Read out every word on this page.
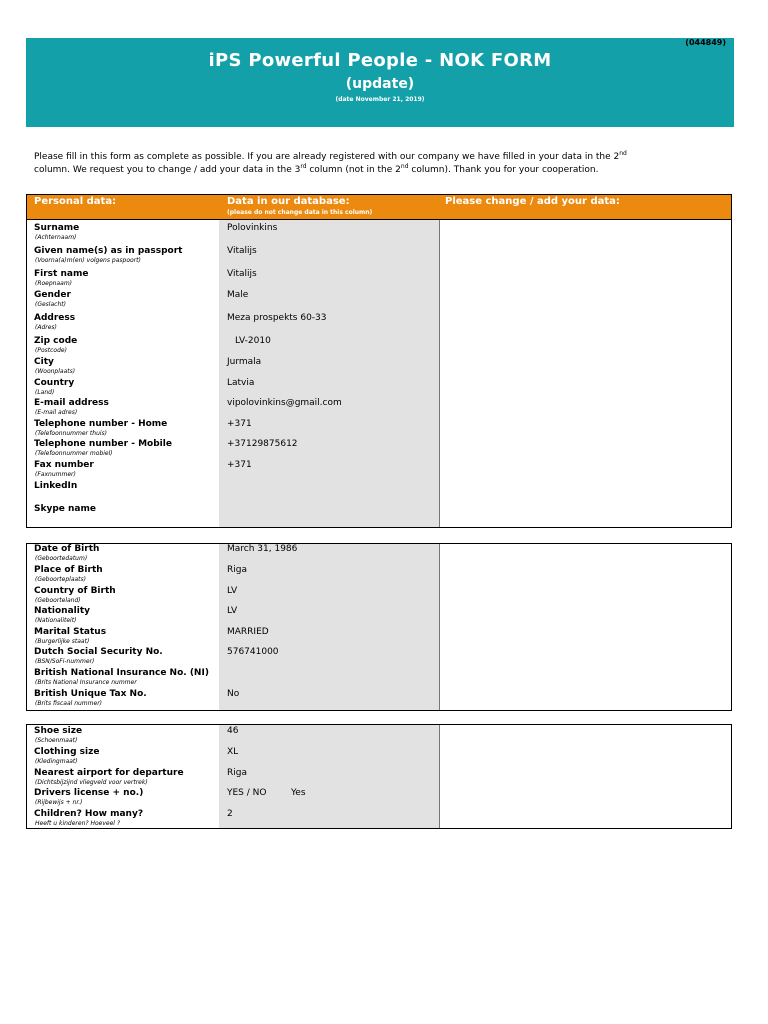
(044849)
iPS Powerful People - NOK FORM
(update)
(date November 21, 2019)
Please fill in this form as complete as possible. If you are already registered with our company we have filled in your data in the 2nd
column. We request you to change / add your data in the 3rd column (not in the 2nd column). Thank you for your cooperation.
Personal data:	Data in our database:
(please do not change data in this column)
Please change / add your data:
Surname
(Achternaam)
Polovinkins
Given name(s) as in passport
(Voorna(a)m(en) volgens paspoort)
Vitalijs
First name
(Roepnaam)
Vitalijs
Gender
(Geslacht)
Male
Address
(Adres)
Meza prospekts 60-33
Zip code
(Postcode)
LV-2010
City
(Woonplaats)
Jurmala
Country
(Land)
Latvia
E-mail address
(E-mail adres)
vipolovinkins@gmail.com
Telephone number - Home
(Telefoonnummer thuis)
+371
Telephone number - Mobile
(Telefoonnummer mobiel)
+37129875612
Fax number
(Faxnummer)
+371
LinkedIn
Skype name
Date of Birth
(Geboortedatum)
March 31, 1986
Place of Birth
(Geboorteplaats)
Riga
Country of Birth
(Geboorteland)
LV
Nationality
(Nationaliteit)
LV
Marital Status
(Burgerlijke staat)
MARRIED
Dutch Social Security No.
(BSN/SoFi-nummer)
576741000
British National Insurance No. (NI)
(Brits National Insurance nummer
British Unique Tax No.
(Brits fiscaal nummer)
No
Shoe size
(Schoenmaat)
46
Clothing size
(Kledingmaat)
XL
Nearest airport for departure
(Dichtsbijzijnd vliegveld voor vertrek)
Riga
Drivers license + no.)
(Rijbewijs + nr.)
YES / NO	Yes
Children? How many?
Heeft u kinderen? Hoeveel ?
2
